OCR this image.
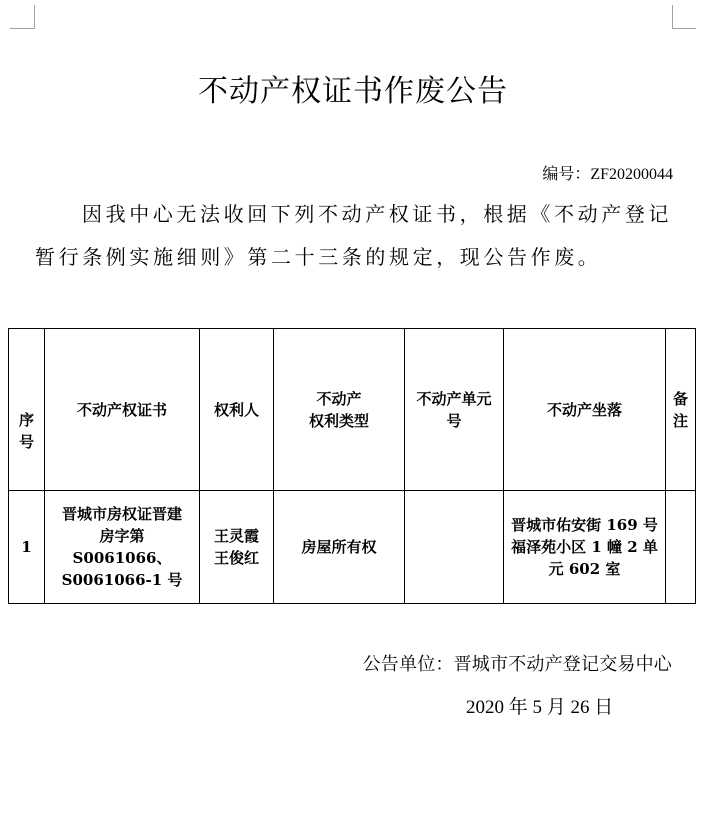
不动产权证书作废公告
编号：ZF20200044

因我中心无法收回下列不动产权证书，根据《不动产登记
暂行条例实施细则》第二十三条的规定，现公告作废。

序
号	不动产权证书	权利人	不动产
权利类型	不动产单元
号	不动产坐落	备
注
1	晋城市房权证晋建
房字第 S0061066、
S0061066-1 号	王灵霞
王俊红	房屋所有权		晋城市佑安街 169 号
福泽苑小区 1 幢 2 单
元 602 室	
公告单位：晋城市不动产登记交易中心
2020 年 5 月 26 日
